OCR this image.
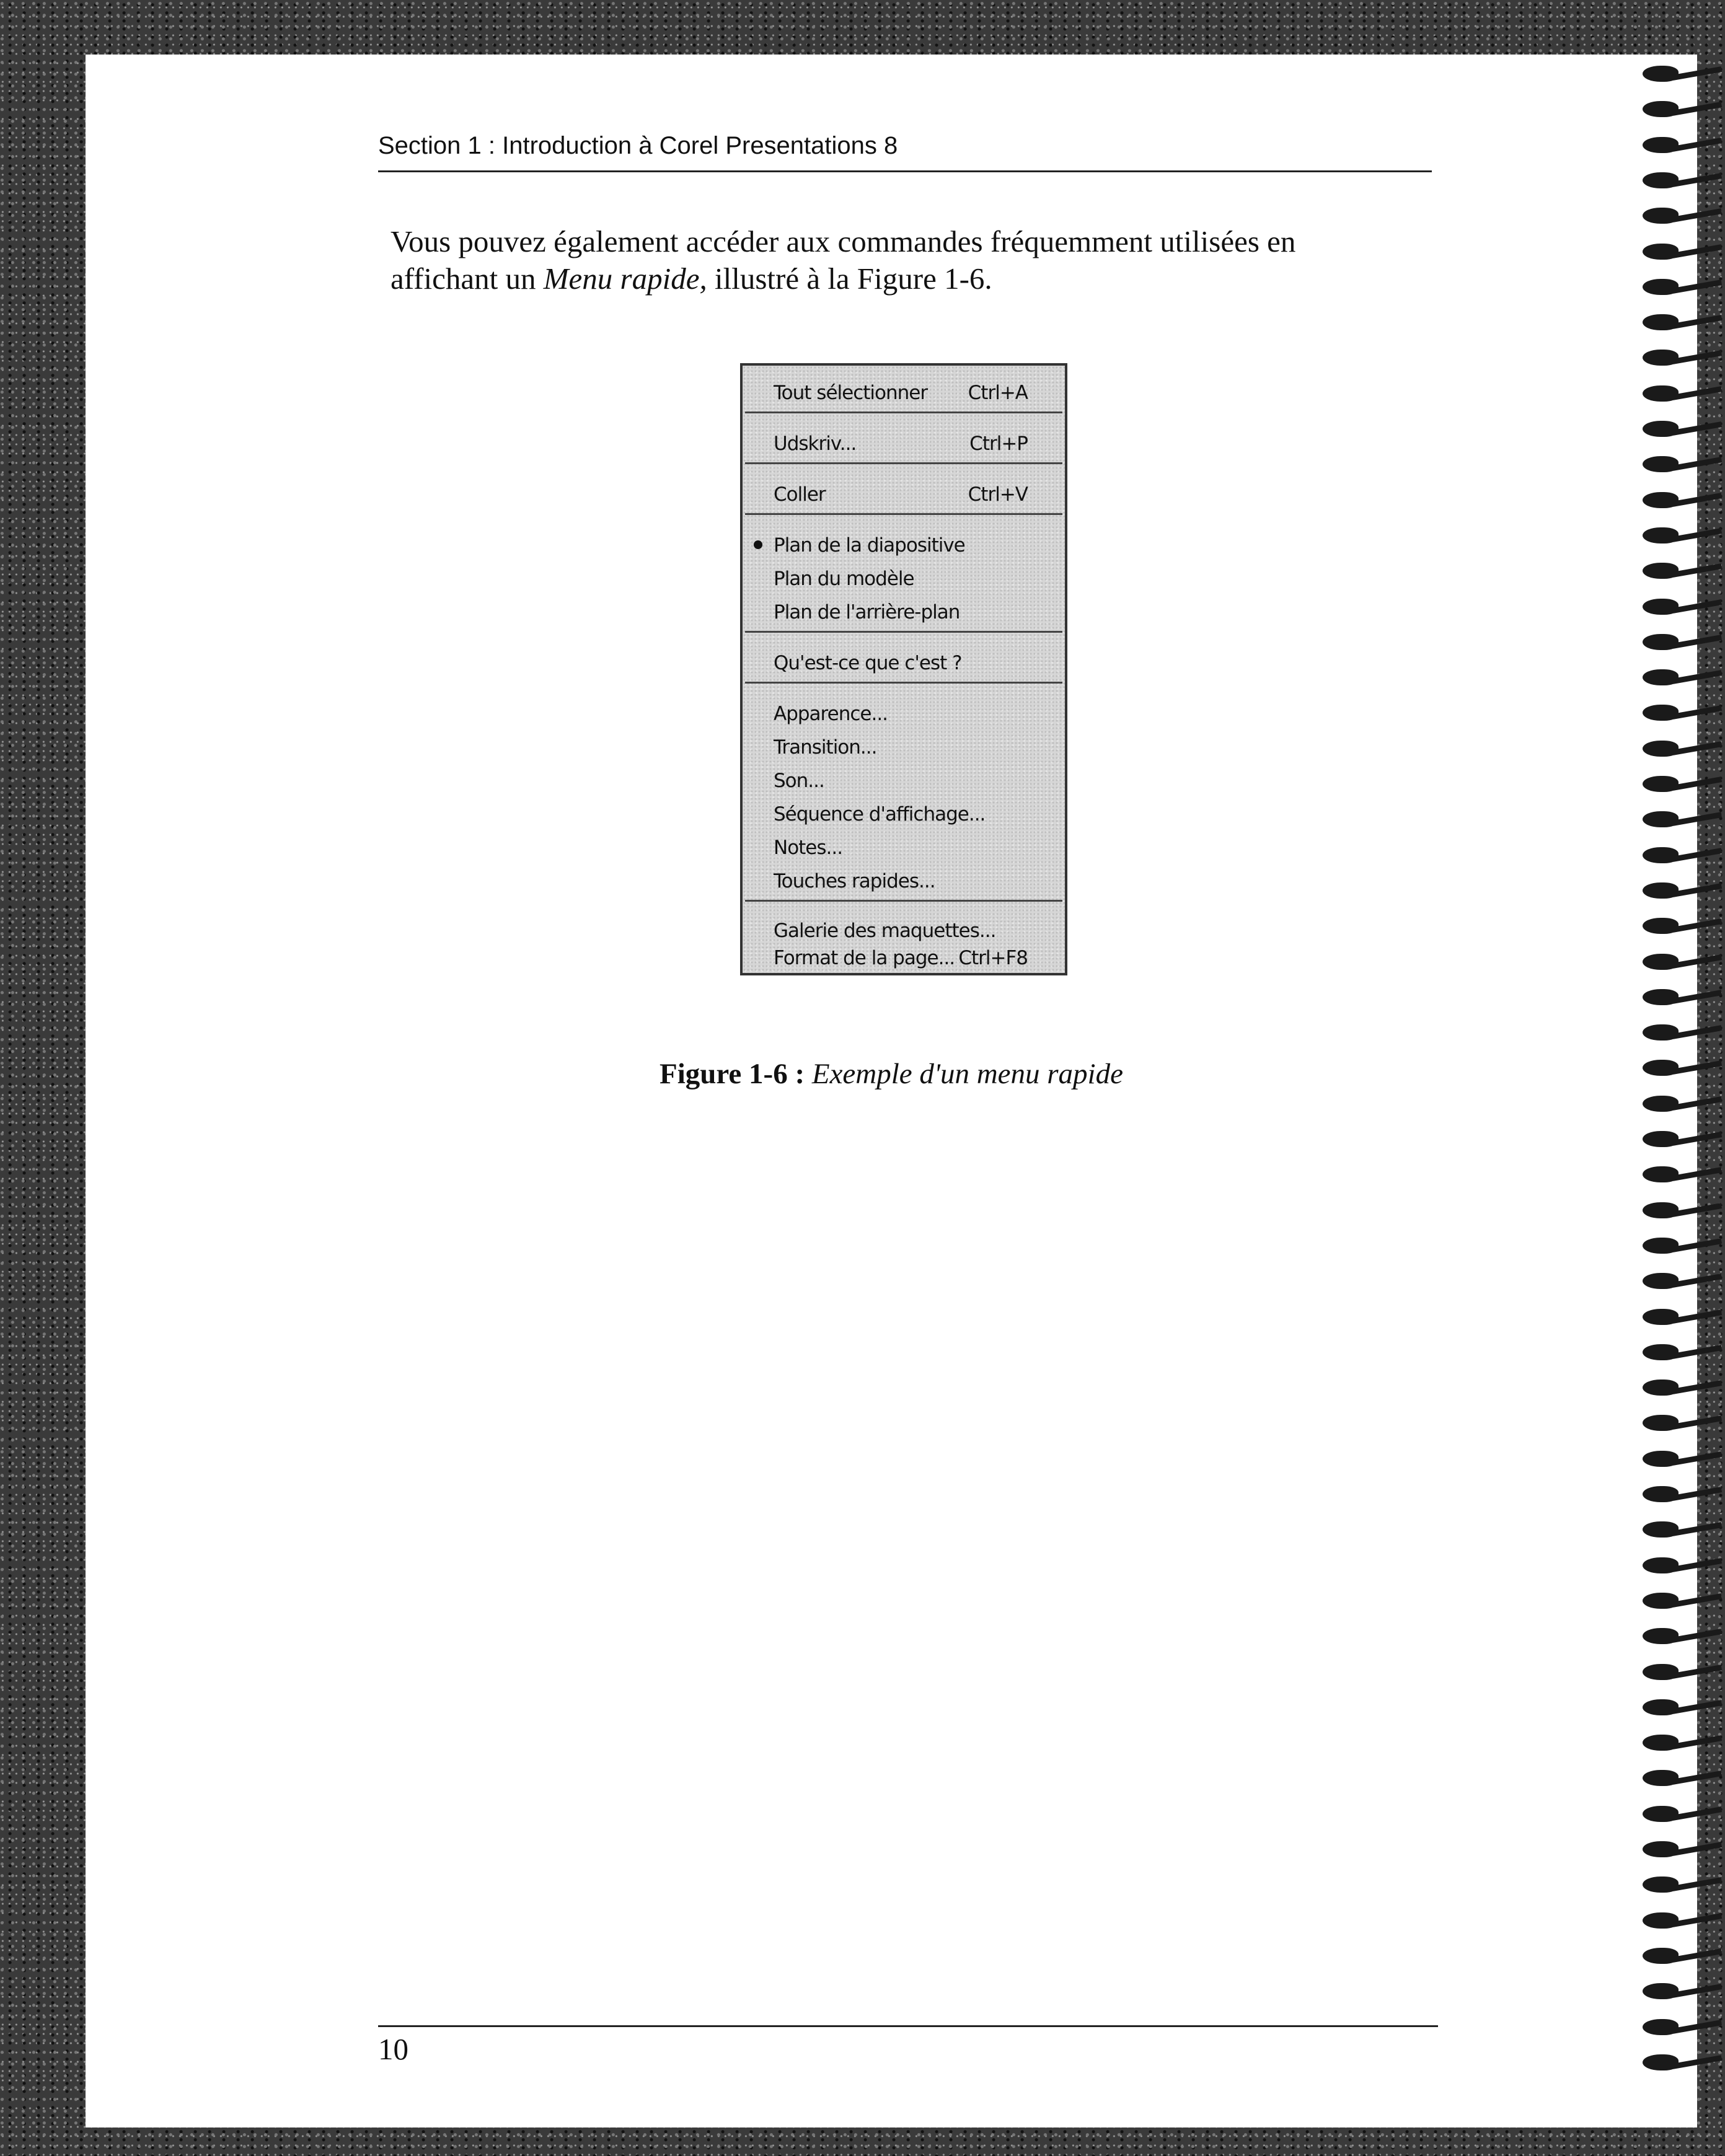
Section 1 : Introduction à Corel Presentations 8
Vous pouvez également accéder aux commandes fréquemment utilisées en
affichant un Menu rapide, illustré à la Figure 1-6.
Tout sélectionner Ctrl+A
Udskriv...	Ctrl+P
Coller	Ctrl+V
Plan de la diapositive
Plan du modèle
Plan de l'arrière-plan
Qu'est-ce que c'est ?
Apparence...
Transition...
Son...
Séquence d'affichage...
Notes...
Touches rapides...
Galerie des maquettes...
Format de la page... Ctrl+F8
Figure 1-6 : Exemple d'un menu rapide
10
